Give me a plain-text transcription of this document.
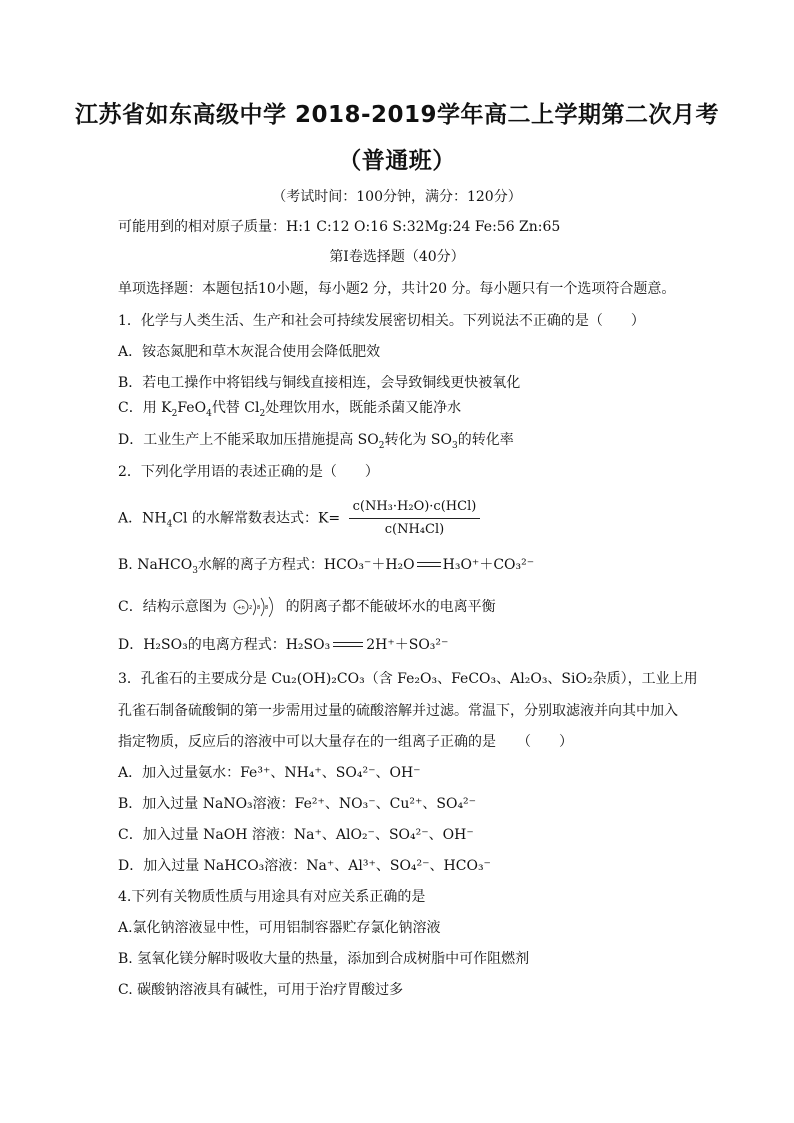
江苏省如东高级中学 2018-2019学年高二上学期第二次月考
（普通班）
（考试时间：100分钟，满分：120分）
可能用到的相对原子质量：H:1 C:12 O:16 S:32Mg:24 Fe:56 Zn:65
第Ⅰ卷选择题（40分）
单项选择题：本题包括10小题，每小题2 分，共计20 分。每小题只有一个选项符合题意。
1．化学与人类生活、生产和社会可持续发展密切相关。下列说法不正确的是（　　）
A．铵态氮肥和草木灰混合使用会降低肥效
B．若电工操作中将铝线与铜线直接相连，会导致铜线更快被氧化
C．用 $K_2FeO_4$代替 $Cl_2$处理饮用水，既能杀菌又能净水
D．工业生产上不能采取加压措施提高 $SO_2$转化为 $SO_3$的转化率
2．下列化学用语的表述正确的是（　　）
A．$NH_4Cl$ 的水解常数表达式：$K= \frac{\text{c(NH₃·H₂O)·c(HCl)}}{\text{c(NH₄Cl)}}$
B. NaHCO$_3$水解的离子方程式：HCO₃⁻＋H₂O H₃O⁺＋CO₃²⁻
C．结构示意图为 +n 2 8 8 的阴离子都不能破坏水的电离平衡
D．H₂SO₃的电离方程式：H₂SO₃	2H⁺＋SO₃²⁻
3．孔雀石的主要成分是 Cu₂(OH)₂CO₃（含 Fe₂O₃、FeCO₃、Al₂O₃、SiO₂杂质），工业上用
孔雀石制备硫酸铜的第一步需用过量的硫酸溶解并过滤。常温下，分别取滤液并向其中加入
指定物质，反应后的溶液中可以大量存在的一组离子正确的是　　（　　）
A．加入过量氨水：Fe³⁺、NH₄⁺、SO₄²⁻、OH⁻
B．加入过量 NaNO₃溶液：Fe²⁺、NO₃⁻、Cu²⁺、SO₄²⁻
C．加入过量 NaOH 溶液：Na⁺、AlO₂⁻、SO₄²⁻、OH⁻
D．加入过量 NaHCO₃溶液：Na⁺、Al³⁺、SO₄²⁻、HCO₃⁻
4.下列有关物质性质与用途具有对应关系正确的是
A.氯化钠溶液显中性，可用铝制容器贮存氯化钠溶液
B. 氢氧化镁分解时吸收大量的热量，添加到合成树脂中可作阻燃剂
C. 碳酸钠溶液具有碱性，可用于治疗胃酸过多
